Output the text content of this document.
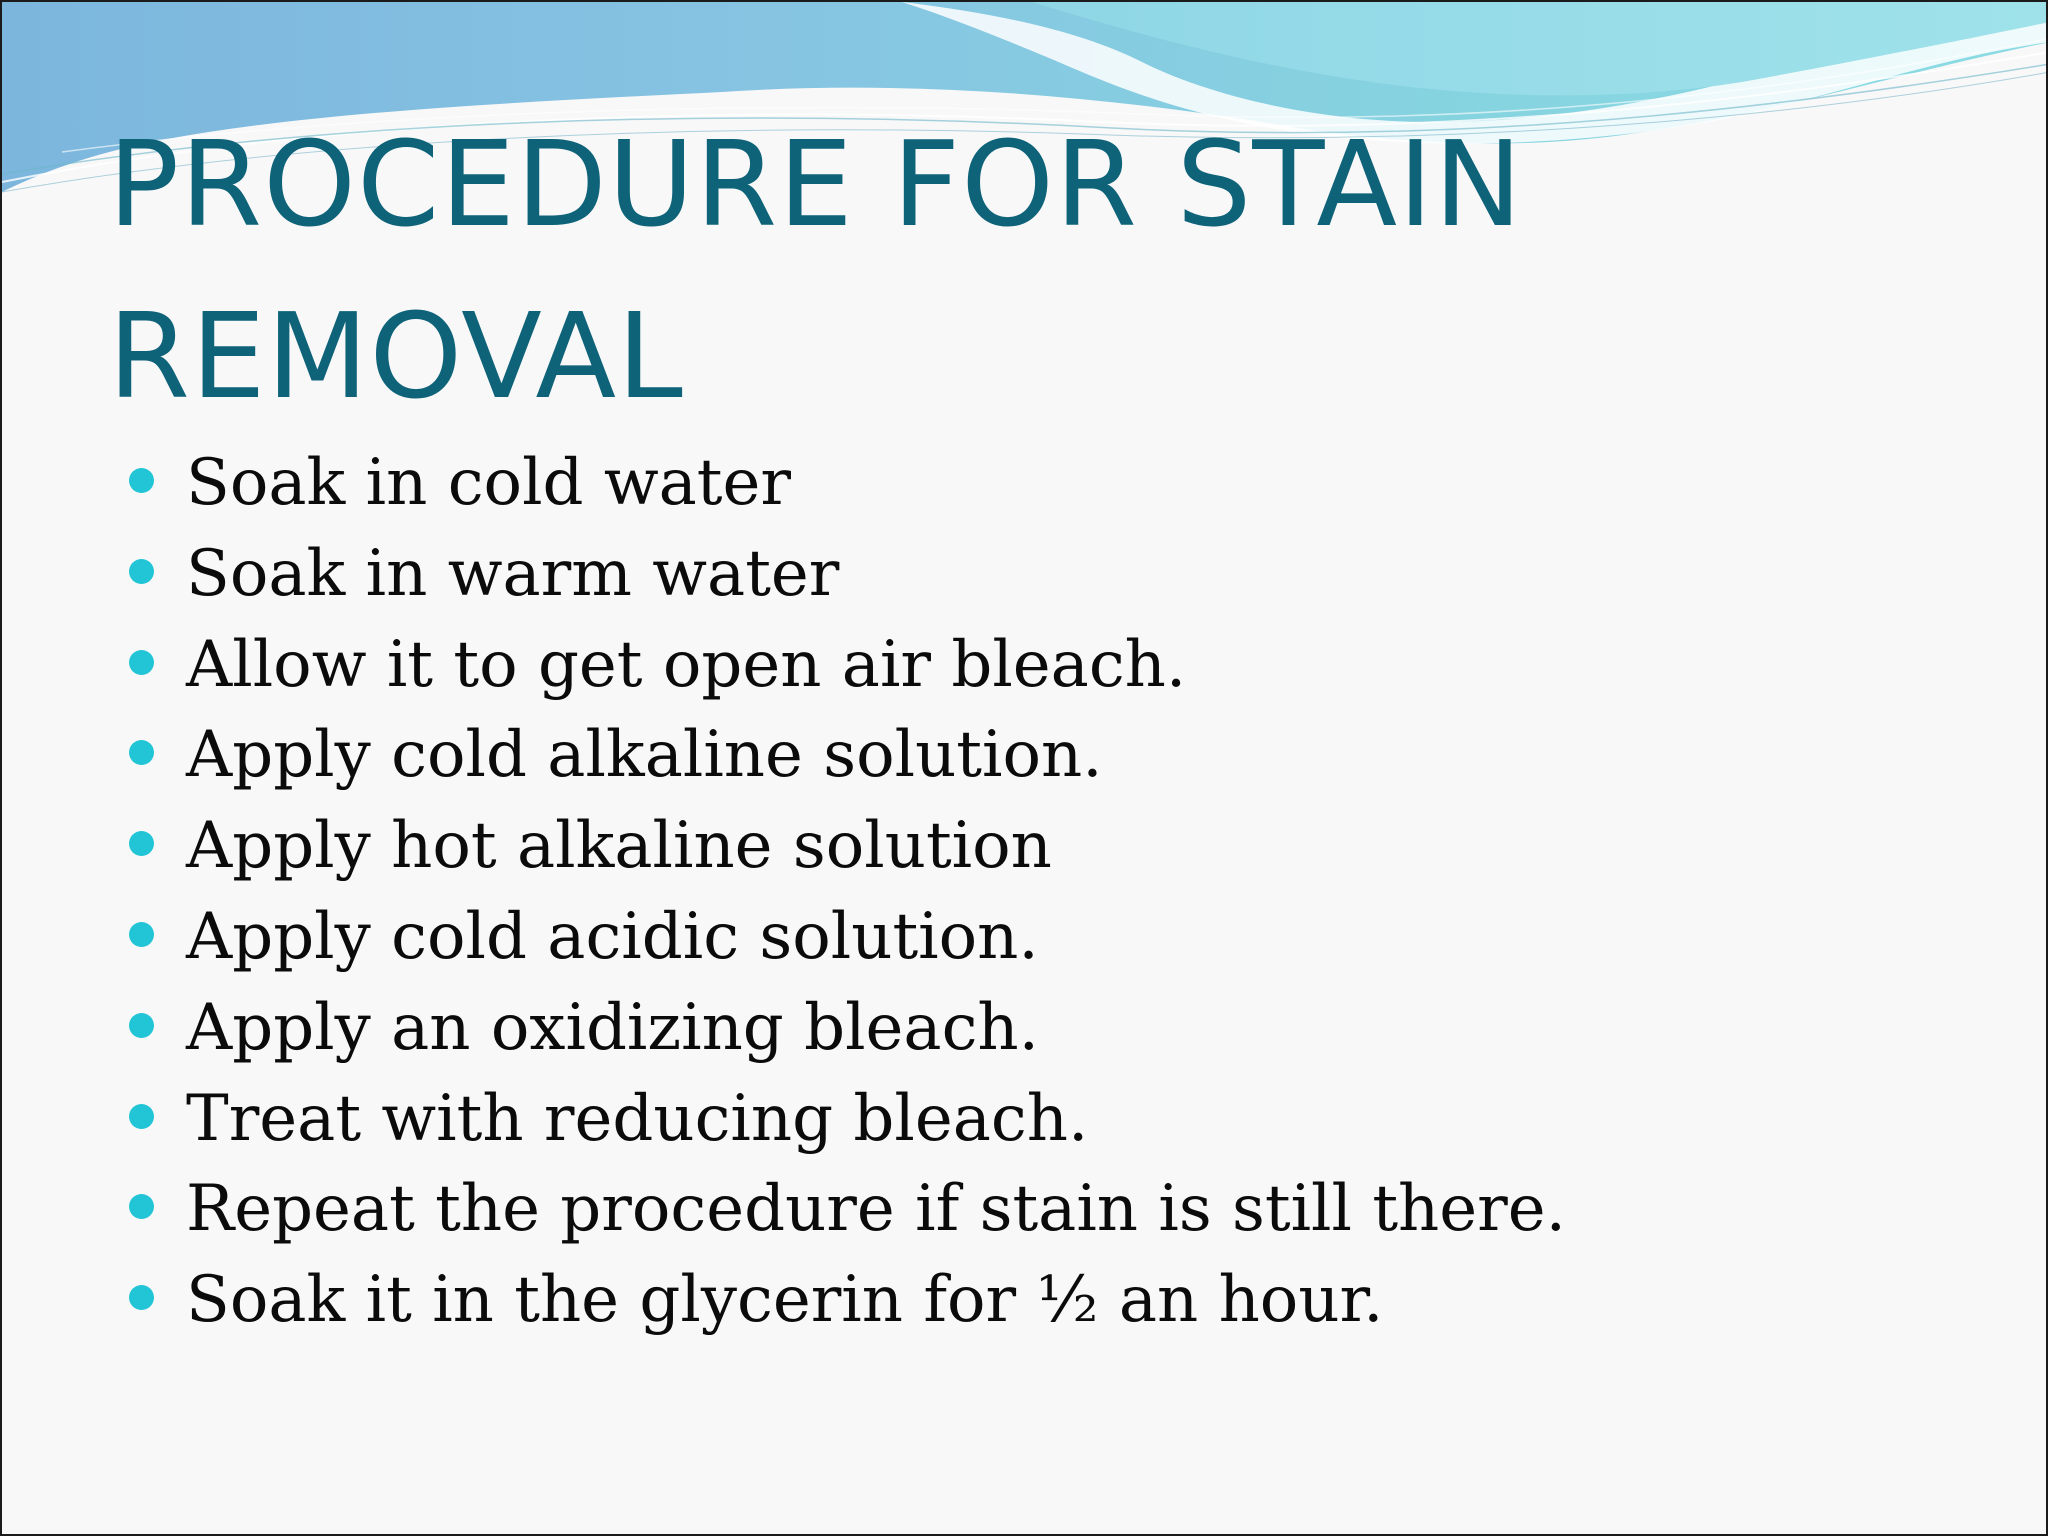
PROCEDURE FOR STAIN REMOVAL
Soak in cold water
Soak in warm water
Allow it to get open air bleach.
Apply cold alkaline solution.
Apply hot alkaline solution
Apply cold acidic solution.
Apply an oxidizing bleach.
Treat with reducing bleach.
Repeat the procedure if stain is still there.
Soak it in the glycerin for ½ an hour.
